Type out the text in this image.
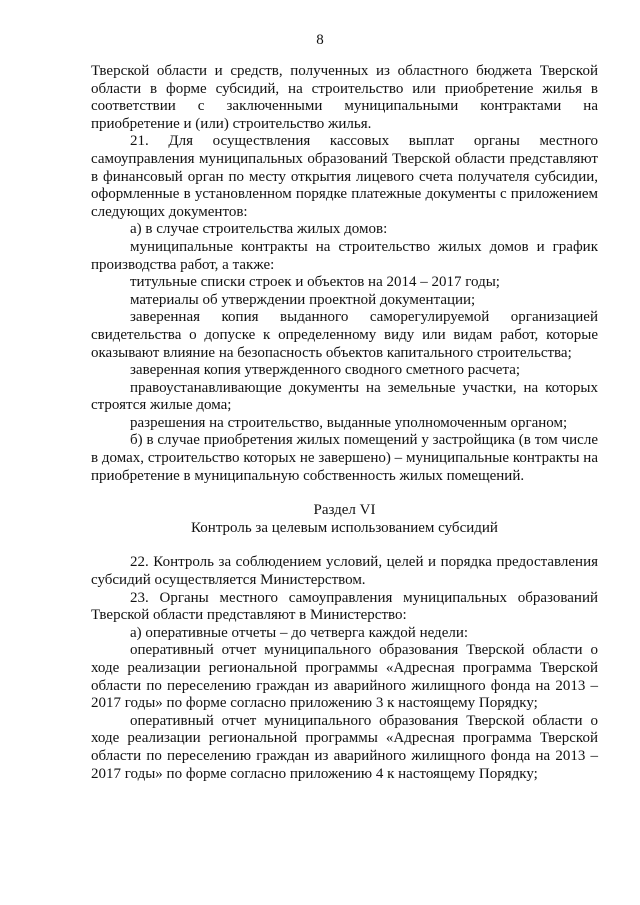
8

Тверской области и средств, полученных из областного бюджета Тверской области в форме субсидий, на строительство или приобретение жилья в соответствии с заключенными муниципальными контрактами на приобретение и (или) строительство жилья.

21. Для осуществления кассовых выплат органы местного самоуправления муниципальных образований Тверской области представляют в финансовый орган по месту открытия лицевого счета получателя субсидии, оформленные в установленном порядке платежные документы с приложением следующих документов:

а) в случае строительства жилых домов:

муниципальные контракты на строительство жилых домов и график производства работ, а также:

титульные списки строек и объектов на 2014 – 2017 годы;

материалы об утверждении проектной документации;

заверенная копия выданного саморегулируемой организацией свидетельства о допуске к определенному виду или видам работ, которые оказывают влияние на безопасность объектов капитального строительства;

заверенная копия утвержденного сводного сметного расчета;

правоустанавливающие документы на земельные участки, на которых строятся жилые дома;

разрешения на строительство, выданные уполномоченным органом;

б) в случае приобретения жилых помещений у застройщика (в том числе в домах, строительство которых не завершено) – муниципальные контракты на приобретение в муниципальную собственность жилых помещений.

Раздел VI

Контроль за целевым использованием субсидий

22. Контроль за соблюдением условий, целей и порядка предоставления субсидий осуществляется Министерством.

23. Органы местного самоуправления муниципальных образований Тверской области представляют в Министерство:

а) оперативные отчеты – до четверга каждой недели:

оперативный отчет муниципального образования Тверской области о ходе реализации региональной программы «Адресная программа Тверской области по переселению граждан из аварийного жилищного фонда на 2013 – 2017 годы» по форме согласно приложению 3 к настоящему Порядку;

оперативный отчет муниципального образования Тверской области о ходе реализации региональной программы «Адресная программа Тверской области по переселению граждан из аварийного жилищного фонда на 2013 –2017 годы» по форме согласно приложению 4 к настоящему Порядку;
